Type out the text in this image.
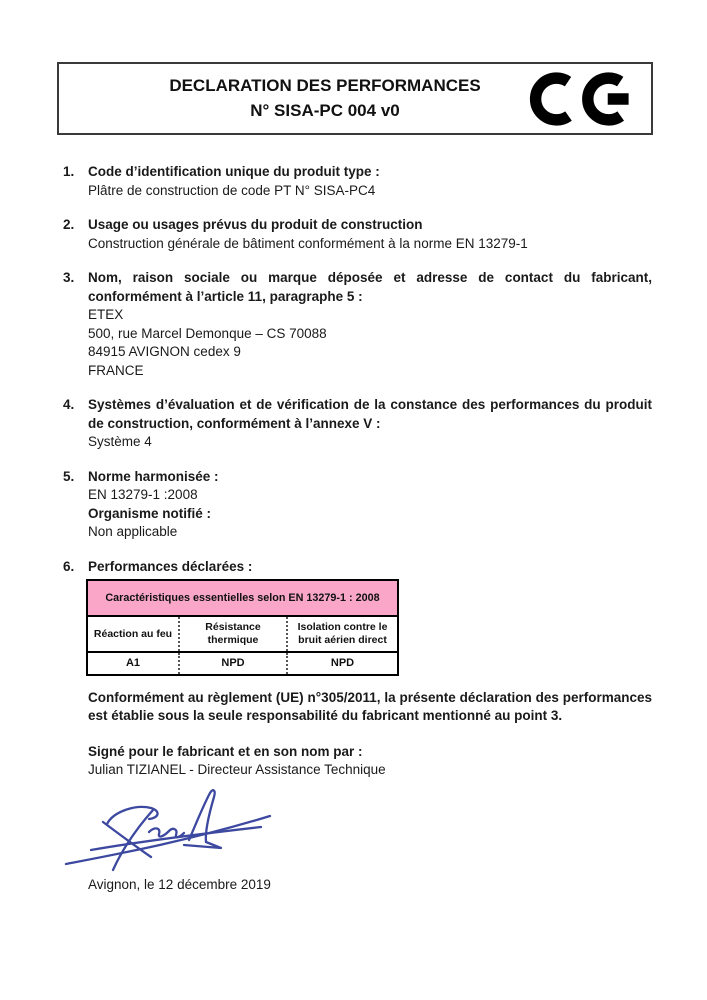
DECLARATION DES PERFORMANCES
N° SISA-PC 004 v0
1.	Code d’identification unique du produit type :
Plâtre de construction de code PT N° SISA-PC4
2.	Usage ou usages prévus du produit de construction
Construction générale de bâtiment conformément à la norme EN 13279-1
3.	Nom, raison sociale ou marque déposée et adresse de contact du fabricant, conformément à l’article 11, paragraphe 5 :
ETEX
500, rue Marcel Demonque – CS 70088
84915 AVIGNON cedex 9
FRANCE
4.	Systèmes d’évaluation et de vérification de la constance des performances du produit de construction, conformément à l’annexe V :
Système 4
5.	Norme harmonisée :
EN 13279-1 :2008
Organisme notifié :
Non applicable
6.	Performances déclarées :
Caractéristiques essentielles selon EN 13279-1 : 2008		
Réaction au feu	Résistance thermique	Isolation contre le bruit aérien direct
A1	NPD	NPD
Conformément au règlement (UE) n°305/2011, la présente déclaration des performances est établie sous la seule responsabilité du fabricant mentionné au point 3.
Signé pour le fabricant et en son nom par :
Julian TIZIANEL - Directeur Assistance Technique
Avignon, le 12 décembre 2019
